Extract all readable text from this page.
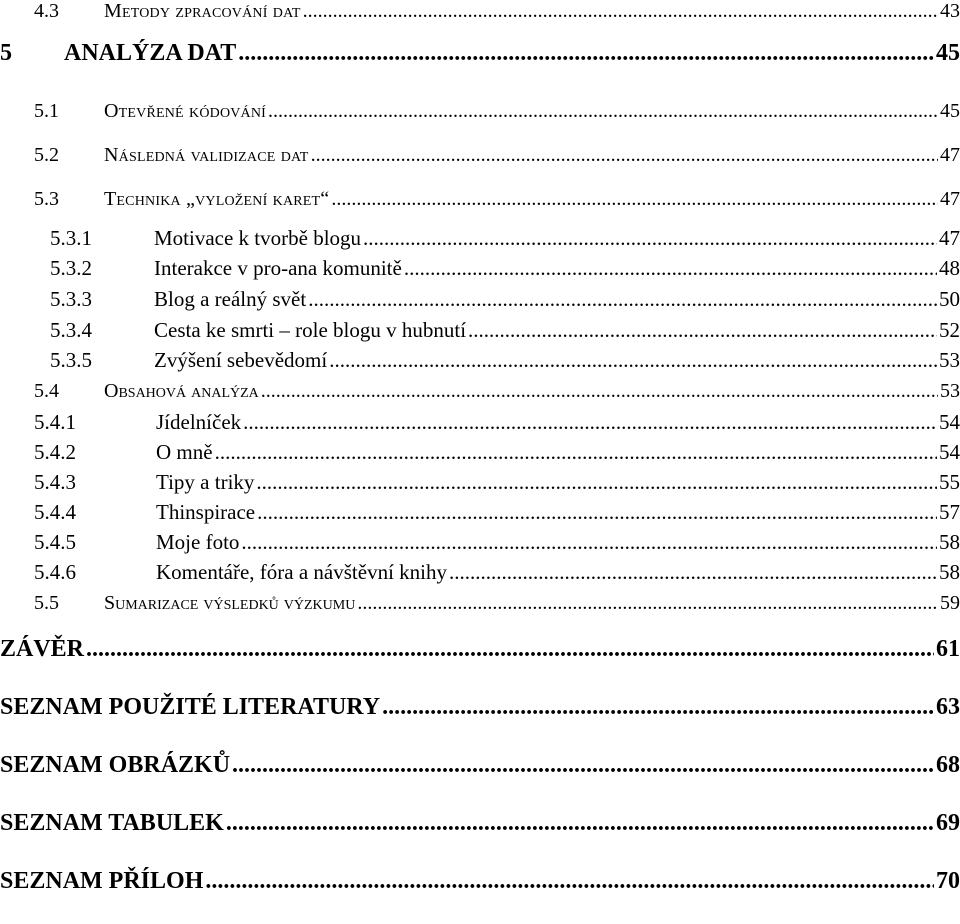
4.3	Metody zpracování dat .....	43
5	ANALÝZA DAT .....	45
5.1	Otevřené kódování .....	45
5.2	Následná validizace dat .....	47
5.3	Technika „vyložení karet“ .....	47
5.3.1	Motivace k tvorbě blogu .....	47
5.3.2	Interakce v pro-ana komunitě .....	48
5.3.3	Blog a reálný svět .....	50
5.3.4	Cesta ke smrti – role blogu v hubnutí .....	52
5.3.5	Zvýšení sebevědomí .....	53
5.4	Obsahová analýza .....	53
5.4.1	Jídelníček .....	54
5.4.2	O mně .....	54
5.4.3	Tipy a triky .....	55
5.4.4	Thinspirace .....	57
5.4.5	Moje foto .....	58
5.4.6	Komentáře, fóra a návštěvní knihy .....	58
5.5	Sumarizace výsledků výzkumu .....	59
ZÁVĚR .....	61
SEZNAM POUŽITÉ LITERATURY .....	63
SEZNAM OBRÁZKŮ .....	68
SEZNAM TABULEK .....	69
SEZNAM PŘÍLOH .....	70
